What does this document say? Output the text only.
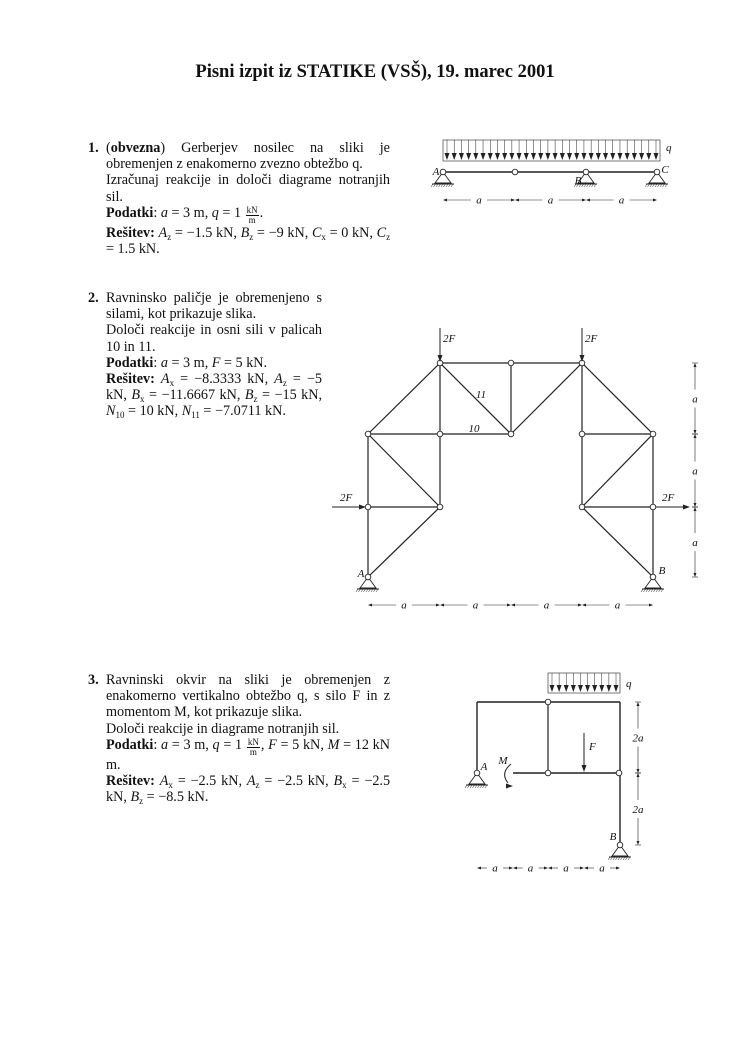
Pisni izpit iz STATIKE (VSŠ), 19. marec 2001
1. (obvezna) Gerberjev nosilec na sliki je obremenjen z enakomerno zvezno obtežbo q.

Izračunaj reakcije in določi diagrame notranjih sil.

Podatki: a = 3 m, $q = 1 \frac{kN}{m}$ .

Rešitev: $A_z = -1.5$ kN, $B_z = -9$ kN, $C_x = 0$ kN, $C_z = 1.5$ kN.

2. Ravninsko paličje je obremenjeno s silami, kot prikazuje slika.

Določi reakcije in osni sili v palicah 10 in 11.

Podatki: a = 3 m, F = 5 kN.

Rešitev: $A_x = -8.3333$ kN, $A_z = -5$ kN, $B_x = -11.6667$ kN, $B_z = -15$ kN, $N_{10} = 10$ kN, $N_{11} = -7.0711$ kN.

3. Ravninski okvir na sliki je obremenjen z enakomerno vertikalno obtežbo q, s silo F in z momentom M, kot prikazuje slika.

Določi reakcije in diagrame notranjih sil.

Podatki: a = 3 m, $q = 1 \frac{kN}{m}$ , F = 5 kN, M = 12 kN m.

Rešitev: $A_x = -2.5$ kN, $A_z = -2.5$ kN, $B_x = -2.5$ kN, $B_z = -8.5$ kN.

q
A
B
C
a	a	a
A	B
11
10
2F	2F
2F	2F
a
a
a
a	a	a	a
q
A
B
F
M
2a
2a
a	a	a	a
